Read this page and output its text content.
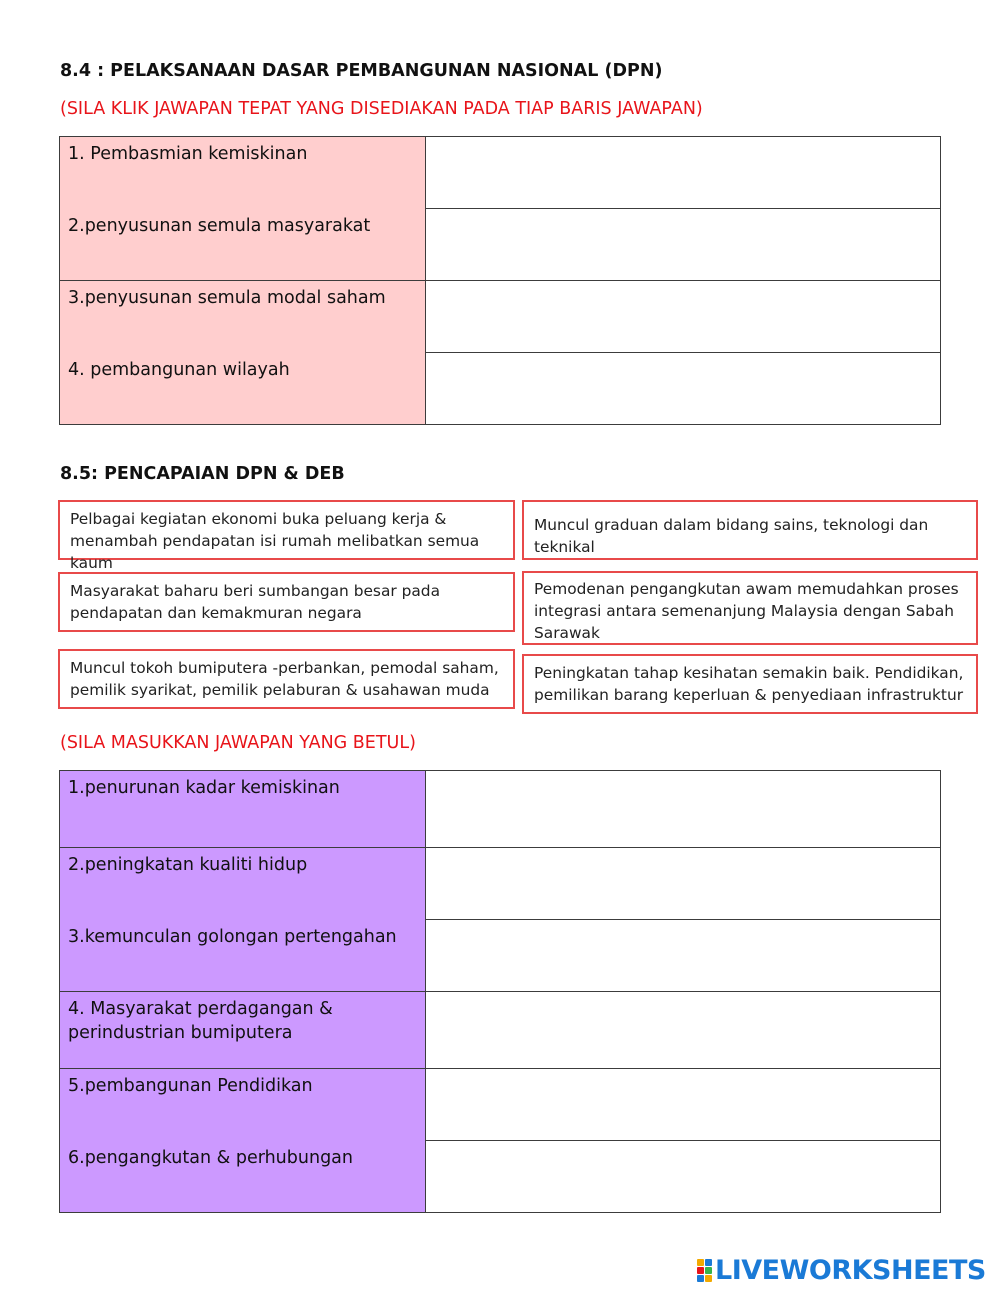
8.4 : PELAKSANAAN DASAR PEMBANGUNAN NASIONAL (DPN)
(SILA KLIK JAWAPAN TEPAT YANG DISEDIAKAN PADA TIAP BARIS JAWAPAN)
1. Pembasmian kemiskinan

2.penyusunan semula masyarakat	

3.penyusunan semula modal saham

4. pembangunan wilayah	

8.5: PENCAPAIAN DPN & DEB
Pelbagai kegiatan ekonomi buka peluang kerja & menambah pendapatan isi rumah melibatkan semua kaum
Muncul graduan dalam bidang sains, teknologi dan teknikal
Masyarakat baharu beri sumbangan besar pada pendapatan dan kemakmuran negara
Pemodenan pengangkutan awam memudahkan proses integrasi antara semenanjung Malaysia dengan Sabah Sarawak
Muncul tokoh bumiputera -perbankan, pemodal saham, pemilik syarikat, pemilik pelaburan & usahawan muda
Peningkatan tahap kesihatan semakin baik. Pendidikan, pemilikan barang keperluan & penyediaan infrastruktur
(SILA MASUKKAN JAWAPAN YANG BETUL)
1.penurunan kadar kemiskinan	

2.peningkatan kualiti hidup

3.kemunculan golongan pertengahan	

4. Masyarakat perdagangan & perindustrian bumiputera	

5.pembangunan Pendidikan

6.pengangkutan & perhubungan	

LIVEWORKSHEETS
